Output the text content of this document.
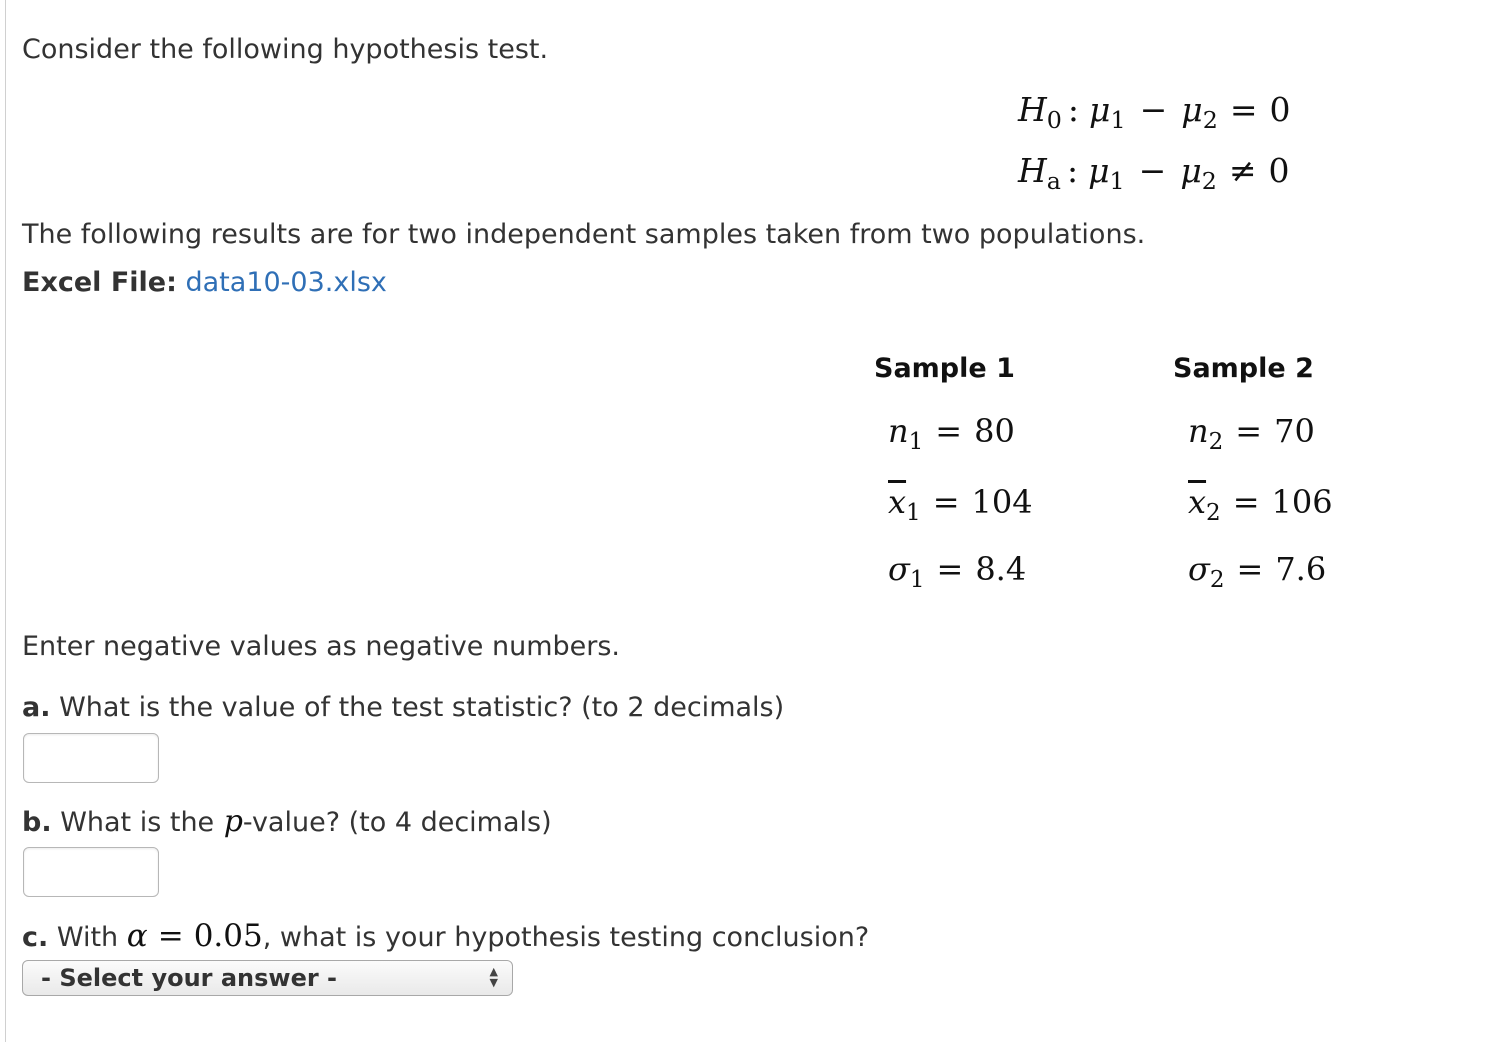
Consider the following hypothesis test.
$H_0$ : $\mu_1 - \mu_2 = 0$
$H_a$ : $\mu_1 - \mu_2 \ne 0$
The following results are for two independent samples taken from two populations.
Excel File: data10-03.xlsx
Sample 1	Sample 2
$n_1 = 80$	$n_2 = 70$
$\overline{x}_1 = 104$	$\overline{x}_2 = 106$
$\sigma_1 = 8.4$	$\sigma_2 = 7.6$
Enter negative values as negative numbers.
a. What is the value of the test statistic? (to 2 decimals)
b. What is the p-value? (to 4 decimals)
c. With α = 0.05, what is your hypothesis testing conclusion?
- Select your answer -	▲
▼
